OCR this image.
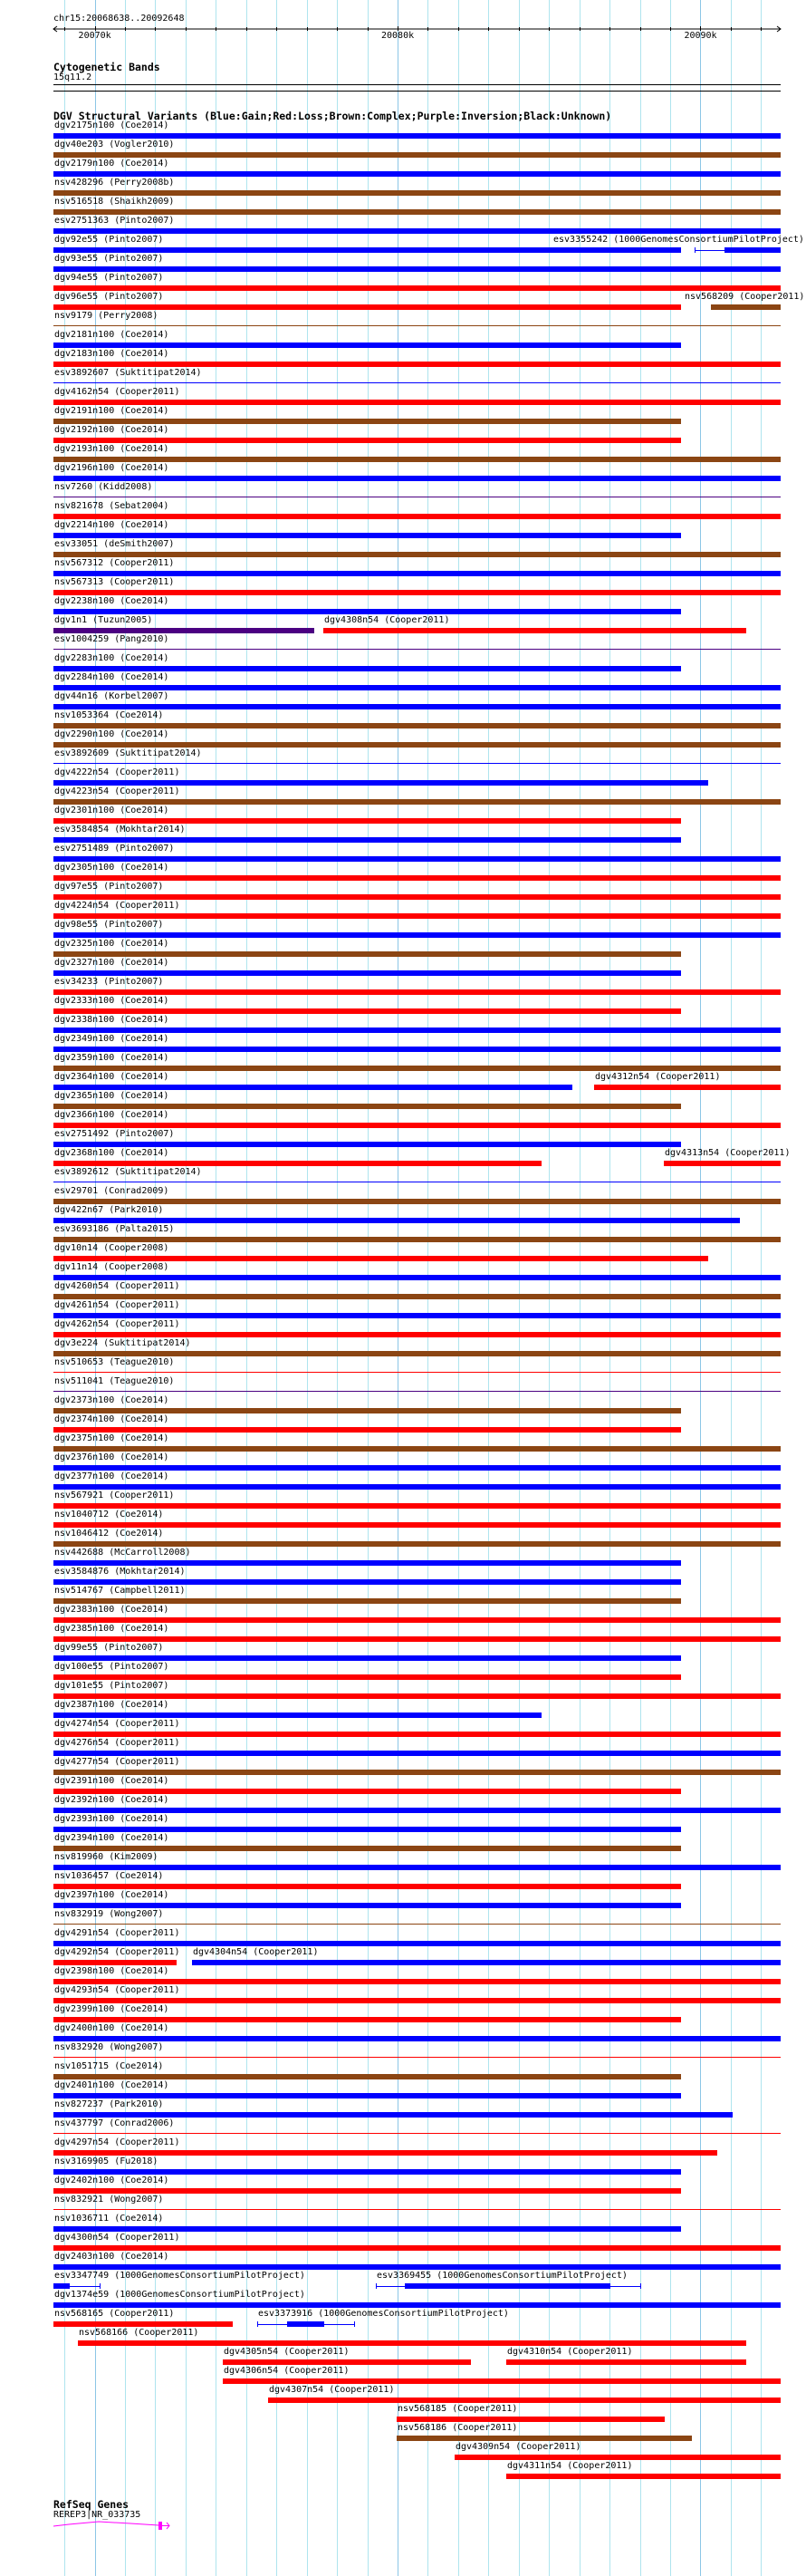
chr15:20068638..20092648
Cytogenetic Bands
15q11.2
DGV Structural Variants (Blue:Gain;Red:Loss;Brown:Complex;Purple:Inversion;Black:Unknown)
dgv2175n100 (Coe2014)
dgv40e203 (Vogler2010)
dgv2179n100 (Coe2014)
nsv428296 (Perry2008b)
nsv516518 (Shaikh2009)
esv2751363 (Pinto2007)
dgv92e55 (Pinto2007)	esv3355242 (1000GenomesConsortiumPilotProject)
dgv93e55 (Pinto2007)
dgv94e55 (Pinto2007)
dgv96e55 (Pinto2007)	nsv568209 (Cooper2011)
nsv9179 (Perry2008)
dgv2181n100 (Coe2014)
dgv2183n100 (Coe2014)
esv3892607 (Suktitipat2014)
dgv4162n54 (Cooper2011)
dgv2191n100 (Coe2014)
dgv2192n100 (Coe2014)
dgv2193n100 (Coe2014)
dgv2196n100 (Coe2014)
nsv7260 (Kidd2008)
nsv821678 (Sebat2004)
dgv2214n100 (Coe2014)
esv33051 (deSmith2007)
nsv567312 (Cooper2011)
nsv567313 (Cooper2011)
dgv2238n100 (Coe2014)
dgv1n1 (Tuzun2005)	dgv4308n54 (Cooper2011)
esv1004259 (Pang2010)
dgv2283n100 (Coe2014)
dgv2284n100 (Coe2014)
dgv44n16 (Korbel2007)
nsv1053364 (Coe2014)
dgv2290n100 (Coe2014)
esv3892609 (Suktitipat2014)
dgv4222n54 (Cooper2011)
dgv4223n54 (Cooper2011)
dgv2301n100 (Coe2014)
esv3584854 (Mokhtar2014)
esv2751489 (Pinto2007)
dgv2305n100 (Coe2014)
dgv97e55 (Pinto2007)
dgv4224n54 (Cooper2011)
dgv98e55 (Pinto2007)
dgv2325n100 (Coe2014)
dgv2327n100 (Coe2014)
esv34233 (Pinto2007)
dgv2333n100 (Coe2014)
dgv2338n100 (Coe2014)
dgv2349n100 (Coe2014)
dgv2359n100 (Coe2014)
dgv2364n100 (Coe2014)	dgv4312n54 (Cooper2011)
dgv2365n100 (Coe2014)
dgv2366n100 (Coe2014)
esv2751492 (Pinto2007)
dgv2368n100 (Coe2014)	dgv4313n54 (Cooper2011)
esv3892612 (Suktitipat2014)
esv29701 (Conrad2009)
dgv422n67 (Park2010)
esv3693186 (Palta2015)
dgv10n14 (Cooper2008)
dgv11n14 (Cooper2008)
dgv4260n54 (Cooper2011)
dgv4261n54 (Cooper2011)
dgv4262n54 (Cooper2011)
dgv3e224 (Suktitipat2014)
nsv510653 (Teague2010)
nsv511041 (Teague2010)
dgv2373n100 (Coe2014)
dgv2374n100 (Coe2014)
dgv2375n100 (Coe2014)
dgv2376n100 (Coe2014)
dgv2377n100 (Coe2014)
nsv567921 (Cooper2011)
nsv1040712 (Coe2014)
nsv1046412 (Coe2014)
nsv442688 (McCarroll2008)
esv3584876 (Mokhtar2014)
nsv514767 (Campbell2011)
dgv2383n100 (Coe2014)
dgv2385n100 (Coe2014)
dgv99e55 (Pinto2007)
dgv100e55 (Pinto2007)
dgv101e55 (Pinto2007)
dgv2387n100 (Coe2014)
dgv4274n54 (Cooper2011)
dgv4276n54 (Cooper2011)
dgv4277n54 (Cooper2011)
dgv2391n100 (Coe2014)
dgv2392n100 (Coe2014)
dgv2393n100 (Coe2014)
dgv2394n100 (Coe2014)
nsv819960 (Kim2009)
nsv1036457 (Coe2014)
dgv2397n100 (Coe2014)
nsv832919 (Wong2007)
dgv4291n54 (Cooper2011)
dgv4292n54 (Cooper2011) dgv4304n54 (Cooper2011)
dgv2398n100 (Coe2014)
dgv4293n54 (Cooper2011)
dgv2399n100 (Coe2014)
dgv2400n100 (Coe2014)
nsv832920 (Wong2007)
nsv1051715 (Coe2014)
dgv2401n100 (Coe2014)
nsv827237 (Park2010)
nsv437797 (Conrad2006)
dgv4297n54 (Cooper2011)
nsv3169905 (Fu2018)
dgv2402n100 (Coe2014)
nsv832921 (Wong2007)
nsv1036711 (Coe2014)
dgv4300n54 (Cooper2011)
dgv2403n100 (Coe2014)
esv3347749 (1000GenomesConsortiumPilotProject)	esv3369455 (1000GenomesConsortiumPilotProject)
dgv1374e59 (1000GenomesConsortiumPilotProject)
nsv568165 (Cooper2011)	esv3373916 (1000GenomesConsortiumPilotProject)
nsv568166 (Cooper2011)
dgv4305n54 (Cooper2011)	dgv4310n54 (Cooper2011)
dgv4306n54 (Cooper2011)
dgv4307n54 (Cooper2011)
nsv568185 (Cooper2011)
nsv568186 (Cooper2011)
dgv4309n54 (Cooper2011)
dgv4311n54 (Cooper2011)
RefSeq Genes
REREP3|NR_033735
20070k	20080k	20090k
